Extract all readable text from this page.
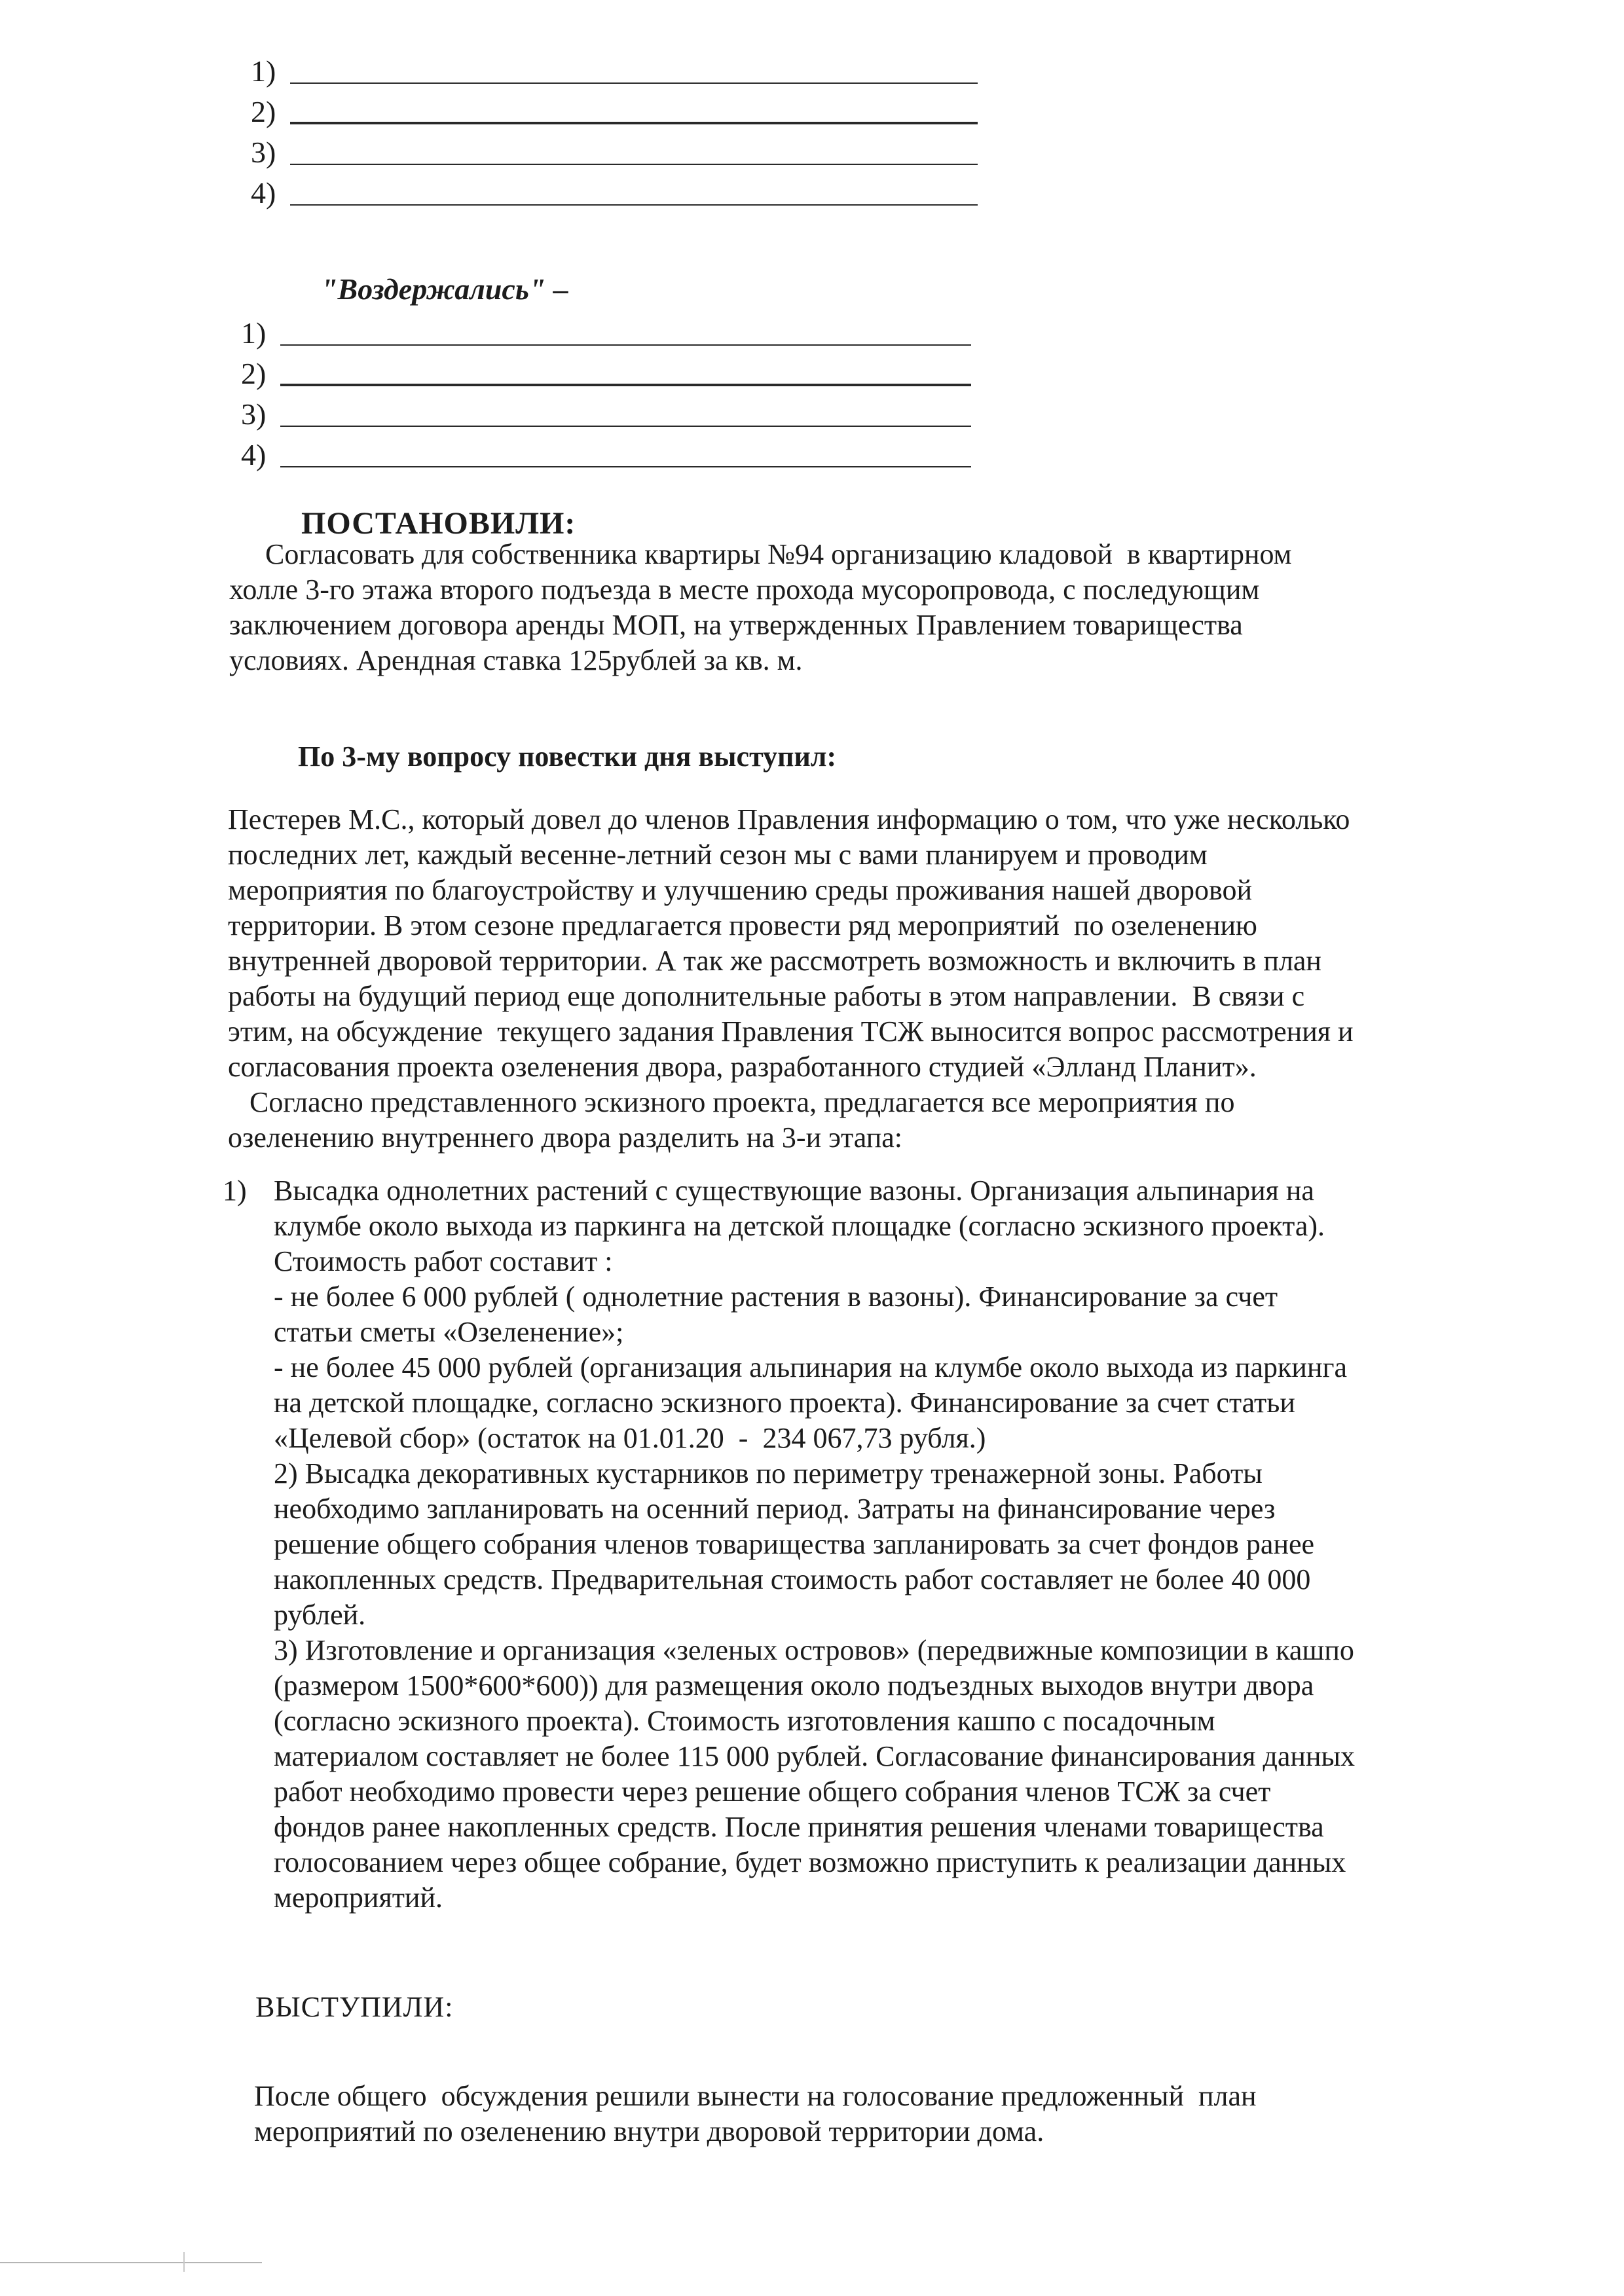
1)
2)
3)
4)
"Воздержались" –
1)
2)
3)
4)
ПОСТАНОВИЛИ:

Согласовать для собственника квартиры №94 организацию кладовой  в квартирном
холле 3-го этажа второго подъезда в месте прохода мусоропровода, с последующим
заключением договора аренды МОП, на утвержденных Правлением товарищества
условиях. Арендная ставка 125рублей за кв. м.

По 3-му вопросу повестки дня выступил:

Пестерев М.С., который довел до членов Правления информацию о том, что уже несколько
последних лет, каждый весенне-летний сезон мы с вами планируем и проводим
мероприятия по благоустройству и улучшению среды проживания нашей дворовой
территории. В этом сезоне предлагается провести ряд мероприятий  по озеленению
внутренней дворовой территории. А так же рассмотреть возможность и включить в план
работы на будущий период еще дополнительные работы в этом направлении.  В связи с
этим, на обсуждение  текущего задания Правления ТСЖ выносится вопрос рассмотрения и
согласования проекта озеленения двора, разработанного студией «Элланд Планит».
Согласно представленного эскизного проекта, предлагается все мероприятия по
озеленению внутреннего двора разделить на 3-и этапа:

1) Высадка однолетних растений с существующие вазоны. Организация альпинария на
клумбе около выхода из паркинга на детской площадке (согласно эскизного проекта).
Стоимость работ составит :
- не более 6 000 рублей ( однолетние растения в вазоны). Финансирование за счет
статьи сметы «Озеленение»;
- не более 45 000 рублей (организация альпинария на клумбе около выхода из паркинга
на детской площадке, согласно эскизного проекта). Финансирование за счет статьи
«Целевой сбор» (остаток на 01.01.20  -  234 067,73 рубля.)
2) Высадка декоративных кустарников по периметру тренажерной зоны. Работы
необходимо запланировать на осенний период. Затраты на финансирование через
решение общего собрания членов товарищества запланировать за счет фондов ранее
накопленных средств. Предварительная стоимость работ составляет не более 40 000
рублей.
3) Изготовление и организация «зеленых островов» (передвижные композиции в кашпо
(размером 1500*600*600)) для размещения около подъездных выходов внутри двора
(согласно эскизного проекта). Стоимость изготовления кашпо с посадочным
материалом составляет не более 115 000 рублей. Согласование финансирования данных
работ необходимо провести через решение общего собрания членов ТСЖ за счет
фондов ранее накопленных средств. После принятия решения членами товарищества
голосованием через общее собрание, будет возможно приступить к реализации данных
мероприятий.

ВЫСТУПИЛИ:

После общего  обсуждения решили вынести на голосование предложенный  план
мероприятий по озеленению внутри дворовой территории дома.
